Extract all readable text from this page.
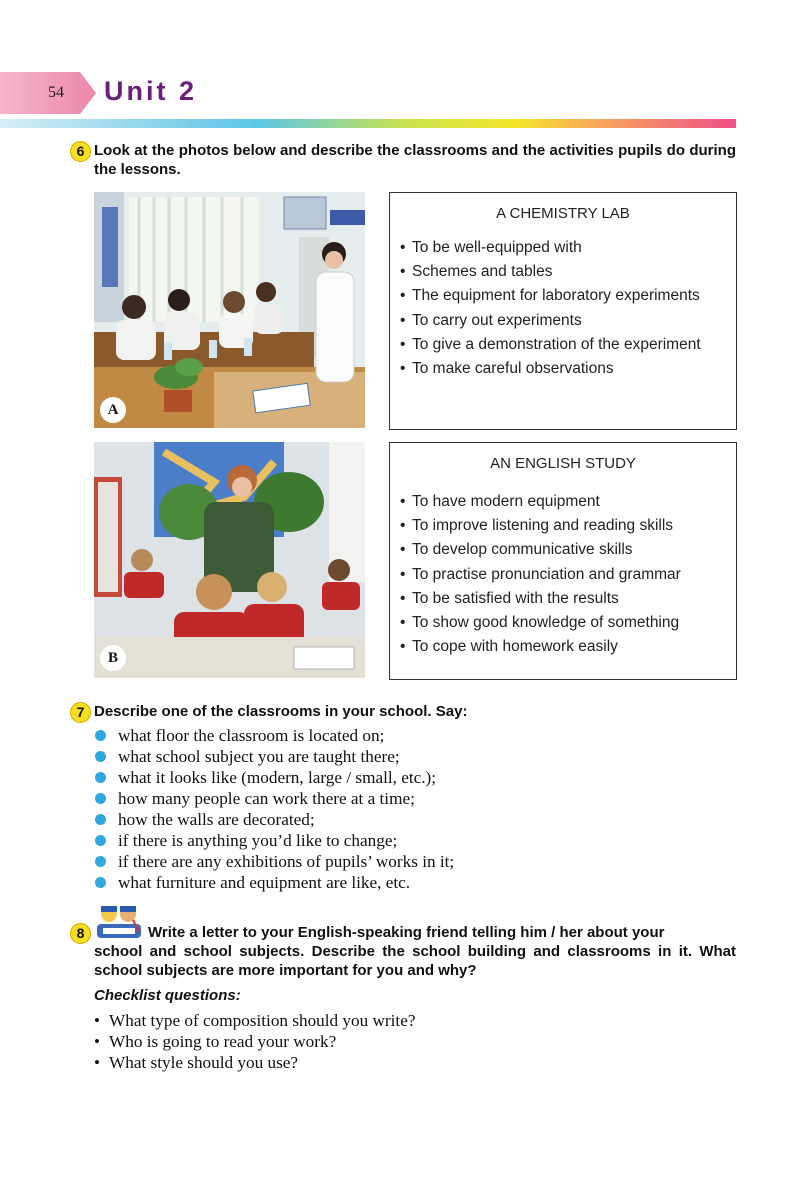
54 Unit 2
6 Look at the photos below and describe the classrooms and the activities pupils do during the lessons.
A
A CHEMISTRY LAB
• To be well-equipped with
• Schemes and tables
• The equipment for laboratory experiments
• To carry out experiments
• To give a demonstration of the experiment
• To make careful observations
B
AN ENGLISH STUDY
• To have modern equipment
• To improve listening and reading skills
• To develop communicative skills
• To practise pronunciation and grammar
• To be satisfied with the results
• To show good knowledge of something
• To cope with homework easily
7 Describe one of the classrooms in your school. Say:
what floor the classroom is located on;
what school subject you are taught there;
what it looks like (modern, large / small, etc.);
how many people can work there at a time;
how the walls are decorated;
if there is anything you’d like to change;
if there are any exhibitions of pupils’ works in it;
what furniture and equipment are like, etc.
8	Write a letter to your English-speaking friend telling him / her about your
school and school subjects. Describe the school building and classrooms in it. What school subjects are more important for you and why?
Checklist questions:
• What type of composition should you write?
• Who is going to read your work?
• What style should you use?
